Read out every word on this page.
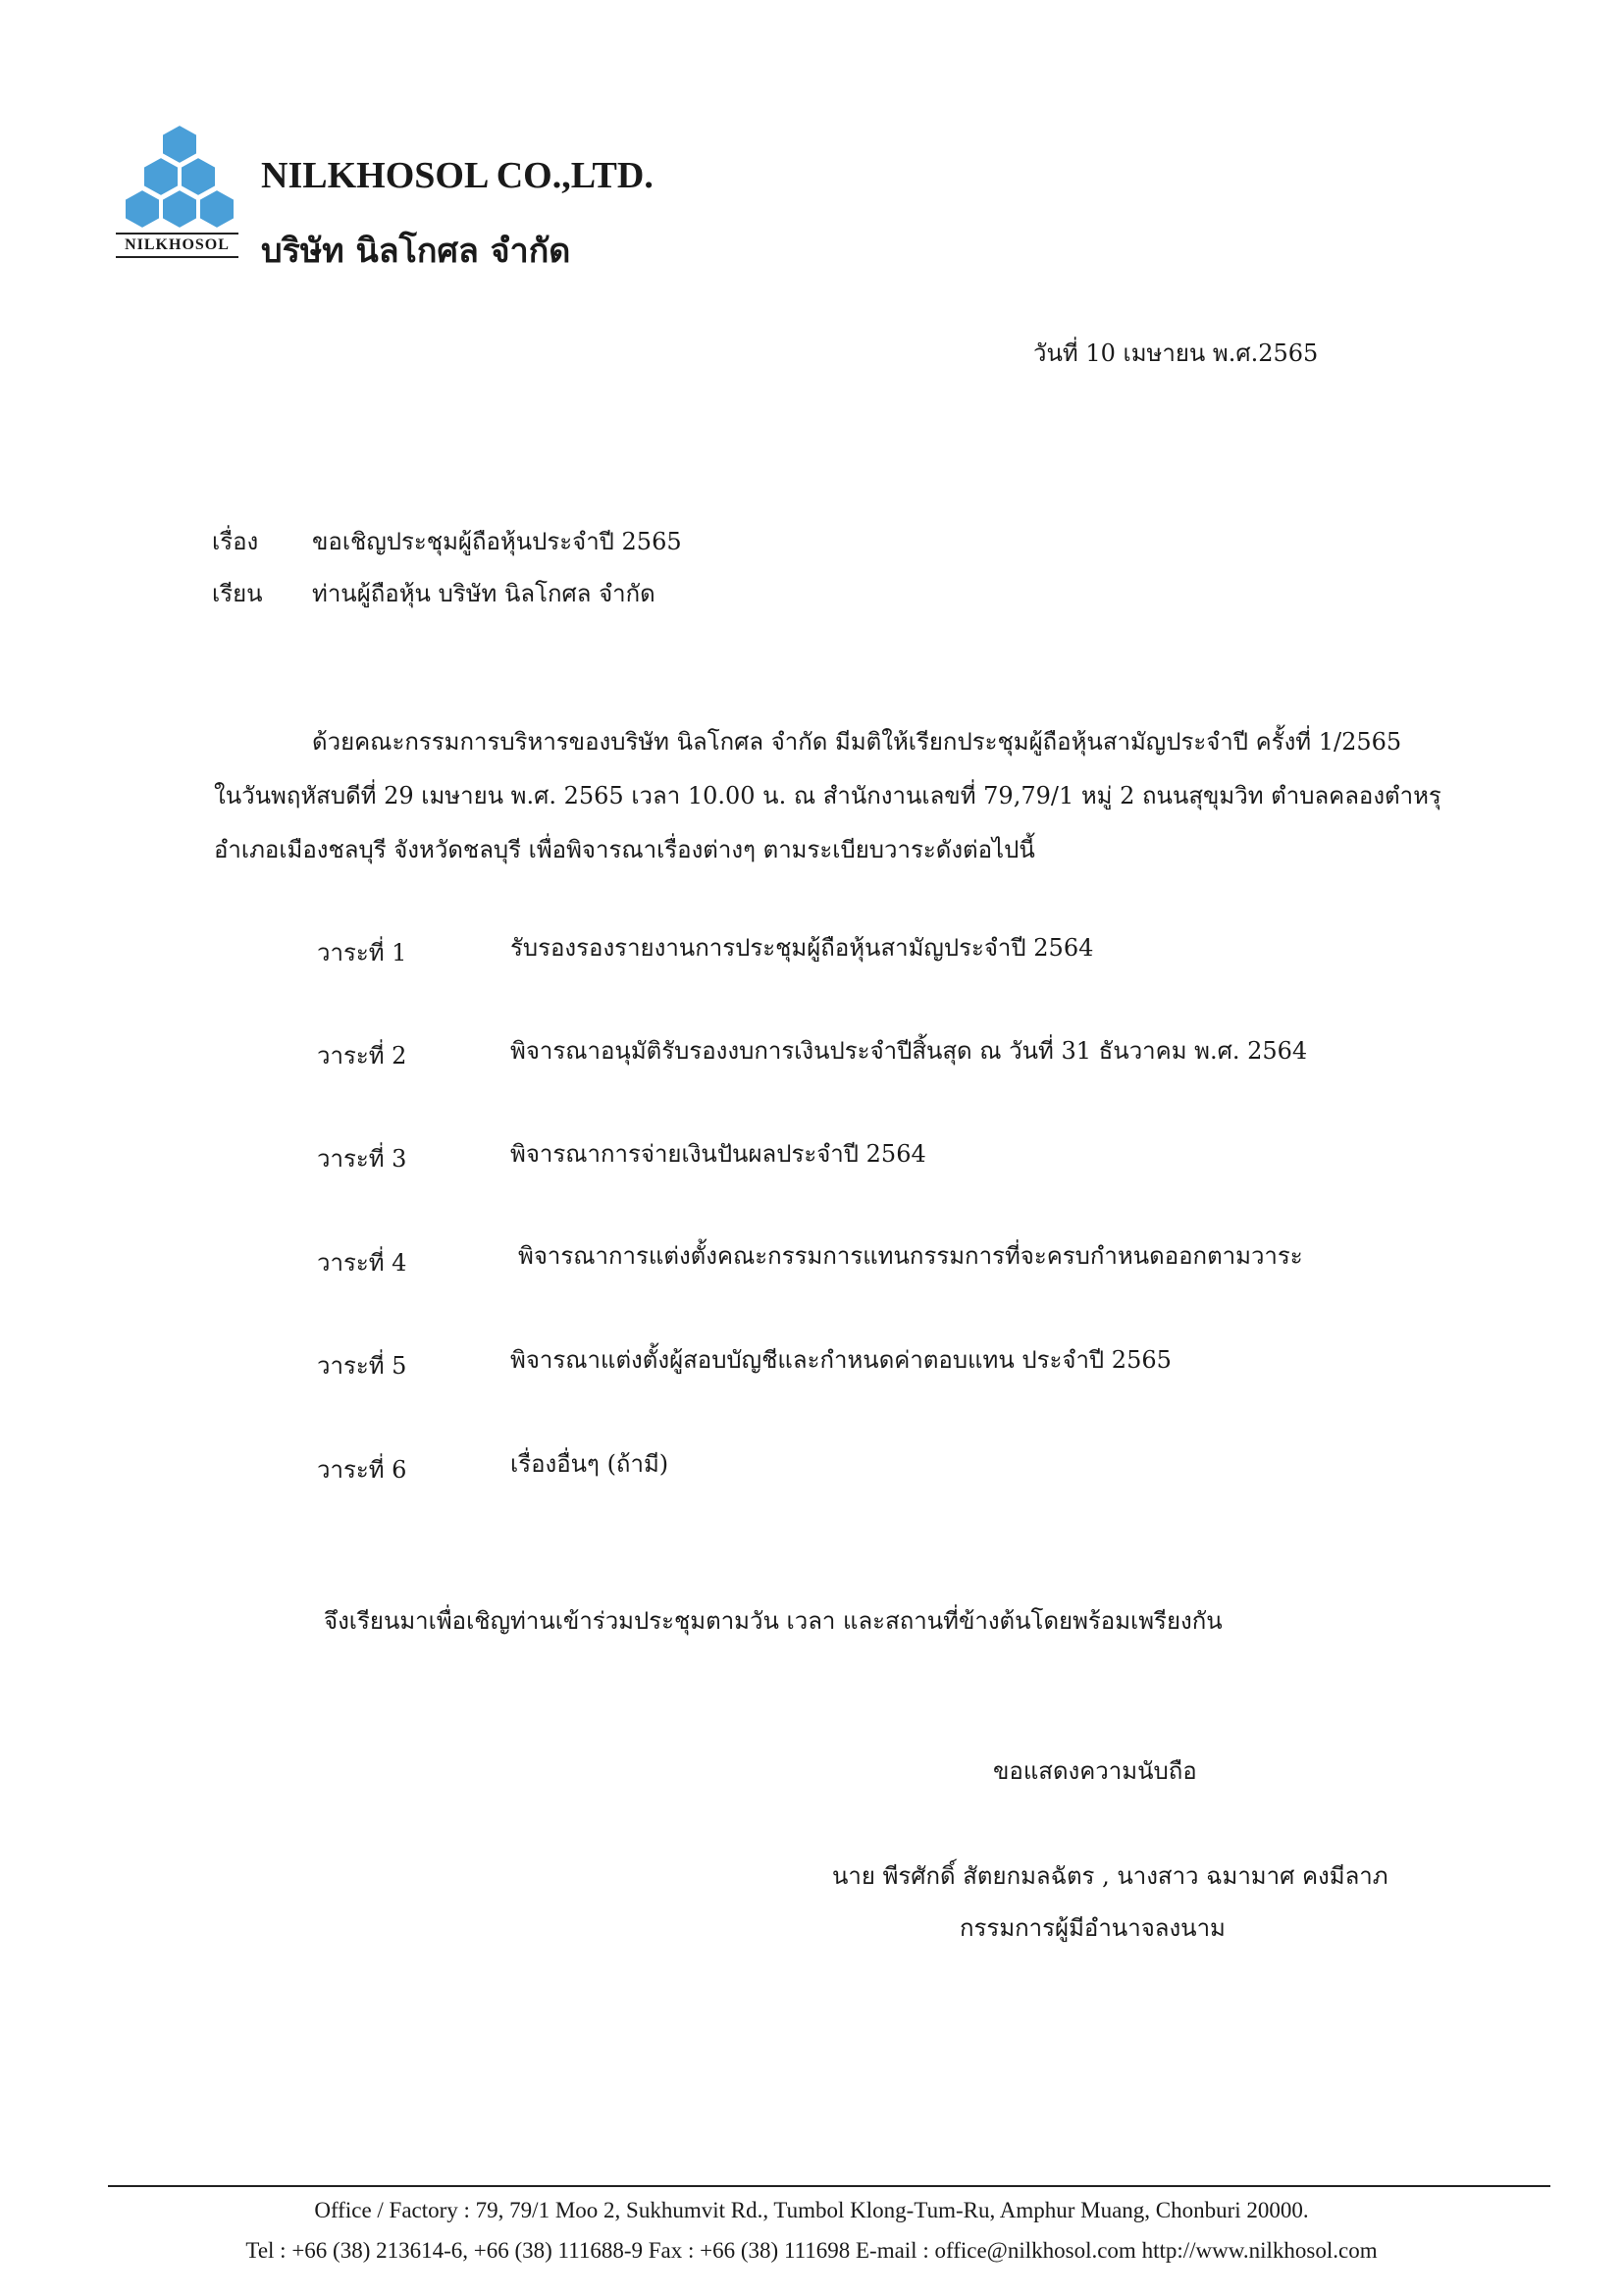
NILKHOSOL
NILKHOSOL CO.,LTD.
บริษัท นิลโกศล จำกัด
วันที่ 10 เมษายน พ.ศ.2565
เรื่อง ขอเชิญประชุมผู้ถือหุ้นประจำปี 2565
เรียน ท่านผู้ถือหุ้น บริษัท นิลโกศล จำกัด
ด้วยคณะกรรมการบริหารของบริษัท นิลโกศล จำกัด มีมติให้เรียกประชุมผู้ถือหุ้นสามัญประจำปี ครั้งที่ 1/2565
ในวันพฤหัสบดีที่ 29 เมษายน พ.ศ. 2565 เวลา 10.00 น. ณ สำนักงานเลขที่ 79,79/1 หมู่ 2 ถนนสุขุมวิท ตำบลคลองตำหรุ
อำเภอเมืองชลบุรี จังหวัดชลบุรี เพื่อพิจารณาเรื่องต่างๆ ตามระเบียบวาระดังต่อไปนี้
วาระที่ 1	รับรองรองรายงานการประชุมผู้ถือหุ้นสามัญประจำปี 2564
วาระที่ 2	พิจารณาอนุมัติรับรองงบการเงินประจำปีสิ้นสุด ณ วันที่ 31 ธันวาคม พ.ศ. 2564
วาระที่ 3	พิจารณาการจ่ายเงินปันผลประจำปี 2564
วาระที่ 4	พิจารณาการแต่งตั้งคณะกรรมการแทนกรรมการที่จะครบกำหนดออกตามวาระ
วาระที่ 5	พิจารณาแต่งตั้งผู้สอบบัญชีและกำหนดค่าตอบแทน ประจำปี 2565
วาระที่ 6	เรื่องอื่นๆ (ถ้ามี)
จึงเรียนมาเพื่อเชิญท่านเข้าร่วมประชุมตามวัน เวลา และสถานที่ข้างต้นโดยพร้อมเพรียงกัน
ขอแสดงความนับถือ
นาย พีรศักดิ์ สัตยกมลฉัตร , นางสาว ฉมามาศ คงมีลาภ
กรรมการผู้มีอำนาจลงนาม
Office / Factory : 79, 79/1 Moo 2, Sukhumvit Rd., Tumbol Klong-Tum-Ru, Amphur Muang, Chonburi 20000.
Tel : +66 (38) 213614-6, +66 (38) 111688-9 Fax : +66 (38) 111698 E-mail : office@nilkhosol.com http://www.nilkhosol.com
